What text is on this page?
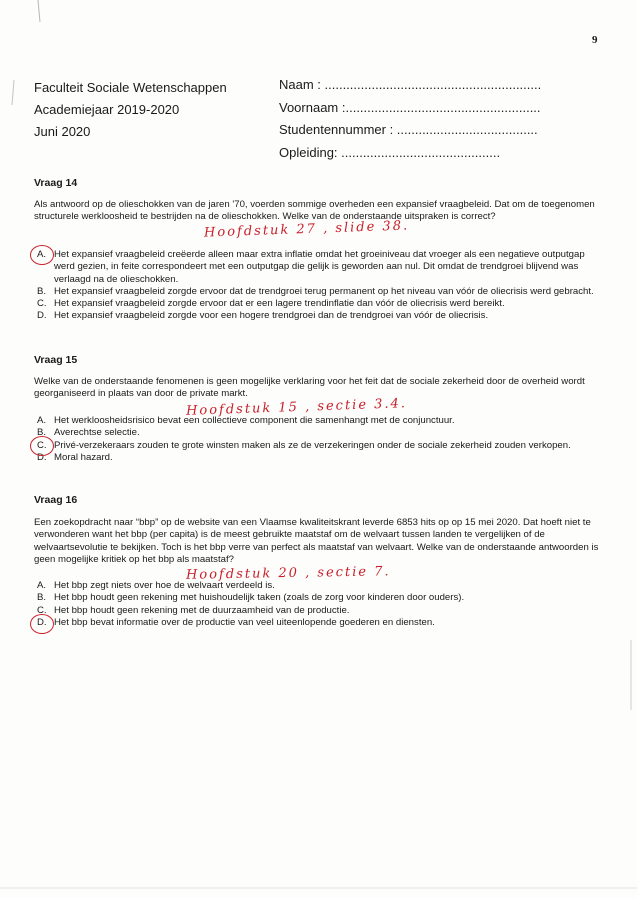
9
Faculteit Sociale Wetenschappen
Academiejaar 2019-2020
Juni 2020
Naam : ............................................................
Voornaam :......................................................
Studentennummer : .......................................
Opleiding: ............................................
Vraag 14
Als antwoord op de olieschokken van de jaren '70, voerden sommige overheden een expansief vraagbeleid. Dat om de toegenomen structurele werkloosheid te bestrijden na de olieschokken. Welke van de onderstaande uitspraken is correct?
Hoofdstuk 27 , slide 38.
A. Het expansief vraagbeleid creëerde alleen maar extra inflatie omdat het groeiniveau dat vroeger als een negatieve outputgap werd gezien, in feite correspondeert met een outputgap die gelijk is geworden aan nul. Dit omdat de trendgroei blijvend was verlaagd na de olieschokken.
B. Het expansief vraagbeleid zorgde ervoor dat de trendgroei terug permanent op het niveau van vóór de oliecrisis werd gebracht.
C. Het expansief vraagbeleid zorgde ervoor dat er een lagere trendinflatie dan vóór de oliecrisis werd bereikt.
D. Het expansief vraagbeleid zorgde voor een hogere trendgroei dan de trendgroei van vóór de oliecrisis.
Vraag 15
Welke van de onderstaande fenomenen is geen mogelijke verklaring voor het feit dat de sociale zekerheid door de overheid wordt georganiseerd in plaats van door de private markt.
Hoofdstuk 15 , sectie 3.4.
A. Het werkloosheidsrisico bevat een collectieve component die samenhangt met de conjunctuur.
B. Averechtse selectie.
C. Privé-verzekeraars zouden te grote winsten maken als ze de verzekeringen onder de sociale zekerheid zouden verkopen.
D. Moral hazard.
Vraag 16
Een zoekopdracht naar “bbp” op de website van een Vlaamse kwaliteitskrant leverde 6853 hits op op 15 mei 2020. Dat hoeft niet te verwonderen want het bbp (per capita) is de meest gebruikte maatstaf om de welvaart tussen landen te vergelijken of de welvaartsevolutie te bekijken. Toch is het bbp verre van perfect als maatstaf van welvaart. Welke van de onderstaande antwoorden is geen mogelijke kritiek op het bbp als maatstaf?
Hoofdstuk 20 , sectie 7.
A. Het bbp zegt niets over hoe de welvaart verdeeld is.
B. Het bbp houdt geen rekening met huishoudelijk taken (zoals de zorg voor kinderen door ouders).
C. Het bbp houdt geen rekening met de duurzaamheid van de productie.
D. Het bbp bevat informatie over de productie van veel uiteenlopende goederen en diensten.
